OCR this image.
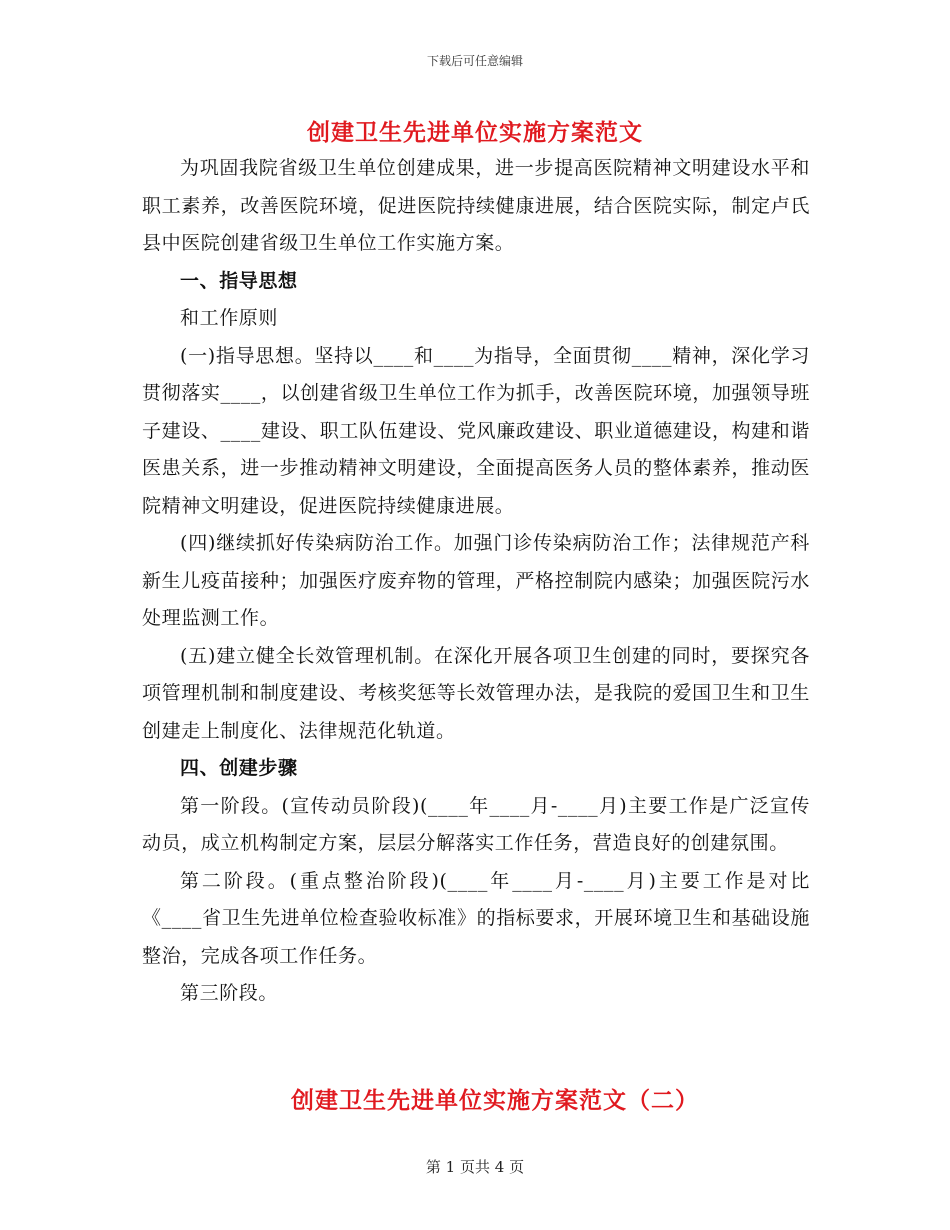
下载后可任意编辑
创建卫生先进单位实施方案范文

为巩固我院省级卫生单位创建成果，进一步提高医院精神文明建设水平和职工素养，改善医院环境，促进医院持续健康进展，结合医院实际，制定卢氏县中医院创建省级卫生单位工作实施方案。

一、指导思想

和工作原则

(一)指导思想。坚持以____和____为指导，全面贯彻____精神，深化学习贯彻落实____，以创建省级卫生单位工作为抓手，改善医院环境，加强领导班子建设、____建设、职工队伍建设、党风廉政建设、职业道德建设，构建和谐医患关系，进一步推动精神文明建设，全面提高医务人员的整体素养，推动医院精神文明建设，促进医院持续健康进展。

(四)继续抓好传染病防治工作。加强门诊传染病防治工作；法律规范产科新生儿疫苗接种；加强医疗废弃物的管理，严格控制院内感染；加强医院污水处理监测工作。

(五)建立健全长效管理机制。在深化开展各项卫生创建的同时，要探究各项管理机制和制度建设、考核奖惩等长效管理办法，是我院的爱国卫生和卫生创建走上制度化、法律规范化轨道。

四、创建步骤

第一阶段。(宣传动员阶段)(____年____月-____月)主要工作是广泛宣传动员，成立机构制定方案，层层分解落实工作任务，营造良好的创建氛围。

第二阶段。(重点整治阶段)(____年____月-____月)主要工作是对比《____省卫生先进单位检查验收标准》的指标要求，开展环境卫生和基础设施整治，完成各项工作任务。

第三阶段。

创建卫生先进单位实施方案范文（二）
第 1 页共 4 页
